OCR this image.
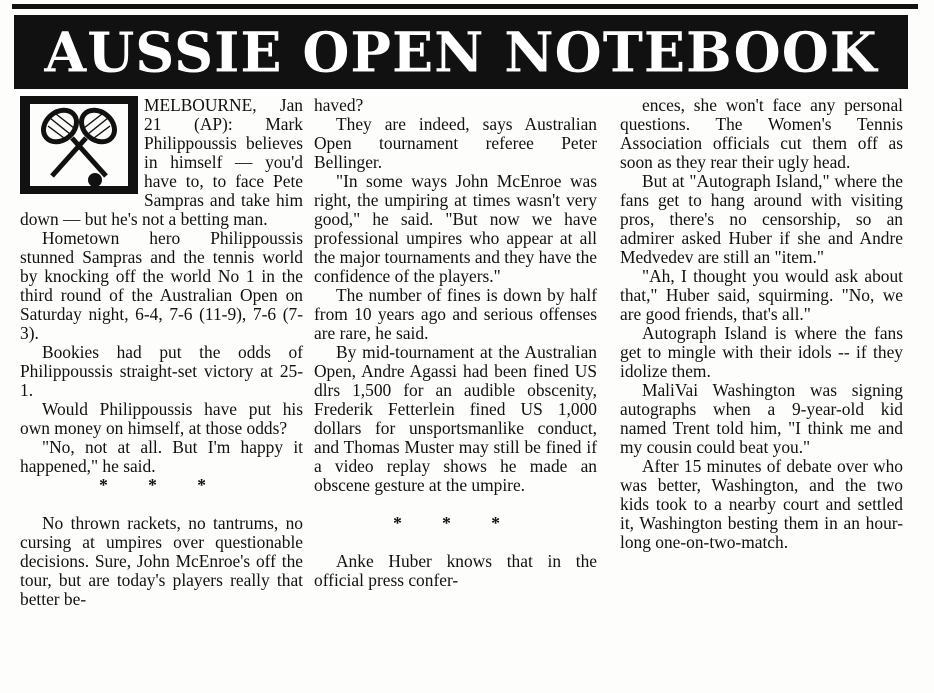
AUSSIE OPEN NOTEBOOK

MELBOURNE, Jan 21 (AP): Mark Philippoussis believes in himself — you'd have to, to face Pete Sampras and take him down — but he's not a betting man.

Hometown hero Philippoussis stunned Sampras and the tennis world by knocking off the world No 1 in the third round of the Australian Open on Saturday night, 6-4, 7-6 (11-9), 7-6 (7-3).

Bookies had put the odds of Philippoussis straight-set victory at 25-1.

Would Philippoussis have put his own money on himself, at those odds?

"No, not at all. But I'm happy it happened," he said.

* * *

No thrown rackets, no tantrums, no cursing at umpires over questionable decisions. Sure, John McEnroe's off the tour, but are today's players really that better be-

haved?

They are indeed, says Australian Open tournament referee Peter Bellinger.

"In some ways John McEnroe was right, the umpiring at times wasn't very good," he said. "But now we have professional umpires who appear at all the major tournaments and they have the confidence of the players."

The number of fines is down by half from 10 years ago and serious offenses are rare, he said.

By mid-tournament at the Australian Open, Andre Agassi had been fined US dlrs 1,500 for an audible obscenity, Frederik Fetterlein fined US 1,000 dollars for unsportsmanlike conduct, and Thomas Muster may still be fined if a video replay shows he made an obscene gesture at the umpire.

* * *

Anke Huber knows that in the official press confer-

ences, she won't face any personal questions. The Women's Tennis Association officials cut them off as soon as they rear their ugly head.

But at "Autograph Island," where the fans get to hang around with visiting pros, there's no censorship, so an admirer asked Huber if she and Andre Medvedev are still an "item."

"Ah, I thought you would ask about that," Huber said, squirming. "No, we are good friends, that's all."

Autograph Island is where the fans get to mingle with their idols -- if they idolize them.

MaliVai Washington was signing autographs when a 9-year-old kid named Trent told him, "I think me and my cousin could beat you."

After 15 minutes of debate over who was better, Washington, and the two kids took to a nearby court and settled it, Washington besting them in an hour-long one-on-two-match.
